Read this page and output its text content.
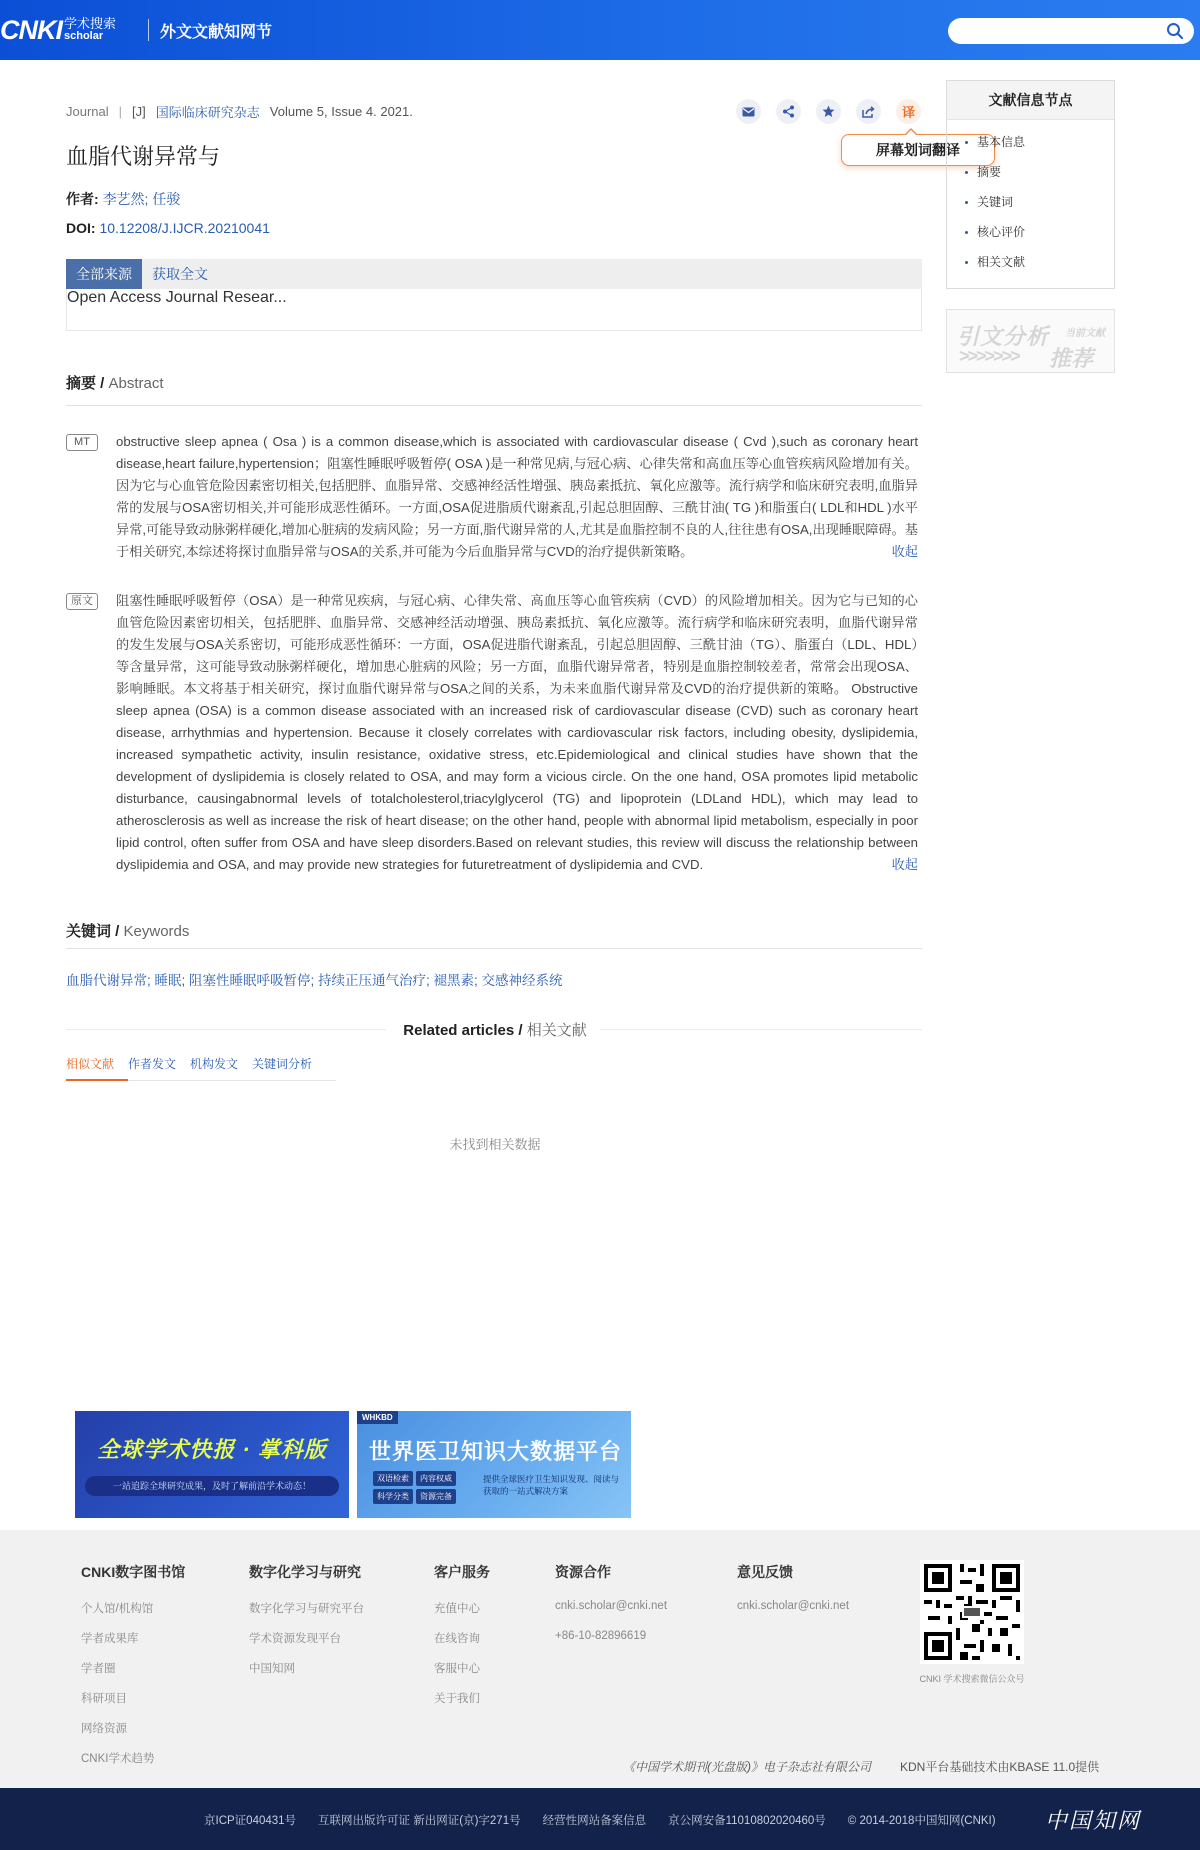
CNKI 学术搜索
scholar	外文文献知网节
Journal | [J] 国际临床研究杂志 Volume 5, Issue 4. 2021.	译
屏幕划词翻译
血脂代谢异常与
作者: 李艺然; 任骏
DOI: 10.12208/J.IJCR.20210041
全部来源	获取全文
Open Access Journal Resear...
摘要 / Abstract
MT	obstructive sleep apnea ( Osa ) is a common disease,which is associated with cardiovascular disease ( Cvd ),such as coronary heart disease,heart failure,hypertension；阻塞性睡眠呼吸暂停( OSA )是一种常见病,与冠心病、心律失常和高血压等心血管疾病风险增加有关。因为它与心血管危险因素密切相关,包括肥胖、血脂异常、交感神经活性增强、胰岛素抵抗、氧化应激等。流行病学和临床研究表明,血脂异常的发展与OSA密切相关,并可能形成恶性循环。一方面,OSA促进脂质代谢紊乱,引起总胆固醇、三酰甘油( TG )和脂蛋白( LDL和HDL )水平异常,可能导致动脉粥样硬化,增加心脏病的发病风险；另一方面,脂代谢异常的人,尤其是血脂控制不良的人,往往患有OSA,出现睡眠障碍。基于相关研究,本综述将探讨血脂异常与OSA的关系,并可能为今后血脂异常与CVD的治疗提供新策略。	收起
原文	阻塞性睡眠呼吸暂停（OSA）是一种常见疾病，与冠心病、心律失常、高血压等心血管疾病（CVD）的风险增加相关。因为它与已知的心血管危险因素密切相关，包括肥胖、血脂异常、交感神经活动增强、胰岛素抵抗、氧化应激等。流行病学和临床研究表明，血脂代谢异常的发生发展与OSA关系密切，可能形成恶性循环：一方面，OSA促进脂代谢紊乱，引起总胆固醇、三酰甘油（TG）、脂蛋白（LDL、HDL）等含量异常，这可能导致动脉粥样硬化，增加患心脏病的风险；另一方面，血脂代谢异常者，特别是血脂控制较差者，常常会出现OSA、影响睡眠。本文将基于相关研究，探讨血脂代谢异常与OSA之间的关系，为未来血脂代谢异常及CVD的治疗提供新的策略。 Obstructive sleep apnea (OSA) is a common disease associated with an increased risk of cardiovascular disease (CVD) such as coronary heart disease, arrhythmias and hypertension. Because it closely correlates with cardiovascular risk factors, including obesity, dyslipidemia, increased sympathetic activity, insulin resistance, oxidative stress, etc.Epidemiological and clinical studies have shown that the development of dyslipidemia is closely related to OSA, and may form a vicious circle. On the one hand, OSA promotes lipid metabolic disturbance, causingabnormal levels of totalcholesterol,triacylglycerol (TG) and lipoprotein (LDLand HDL), which may lead to atherosclerosis as well as increase the risk of heart disease; on the other hand, people with abnormal lipid metabolism, especially in poor lipid control, often suffer from OSA and have sleep disorders.Based on relevant studies, this review will discuss the relationship between dyslipidemia and OSA, and may provide new strategies for futuretreatment of dyslipidemia and CVD.	收起
关键词 / Keywords
血脂代谢异常; 睡眠; 阻塞性睡眠呼吸暂停; 持续正压通气治疗; 褪黑素; 交感神经系统
Related articles / 相关文献
相似文献 作者发文 机构发文 关键词分析
未找到相关数据
文献信息节点
基本信息
摘要
关键词
核心评价
相关文献
引文分析 当前文献
>>>>>>> 推荐
全球学术快报 · 掌科版
一站追踪全球研究成果，及时了解前沿学术动态！
WHKBD
世界医卫知识大数据平台
双语检索	内容权威
科学分类	资源完备
提供全球医疗卫生知识发现、阅读与获取的一站式解决方案
CNKI数字图书馆
个人馆/机构馆
学者成果库
学者圈
科研项目
网络资源
CNKI学术趋势
数字化学习与研究
数字化学习与研究平台
学术资源发现平台
中国知网
客户服务
充值中心
在线咨询
客服中心
关于我们
资源合作
cnki.scholar@cnki.net
+86-10-82896619
意见反馈
cnki.scholar@cnki.net
CNKI 学术搜索微信公众号
《中国学术期刊(光盘版)》电子杂志社有限公司 KDN平台基础技术由KBASE 11.0提供
京ICP证040431号 互联网出版许可证 新出网证(京)字271号 经营性网站备案信息 京公网安备11010802020460号 © 2014-2018中国知网(CNKI) 中国知网
